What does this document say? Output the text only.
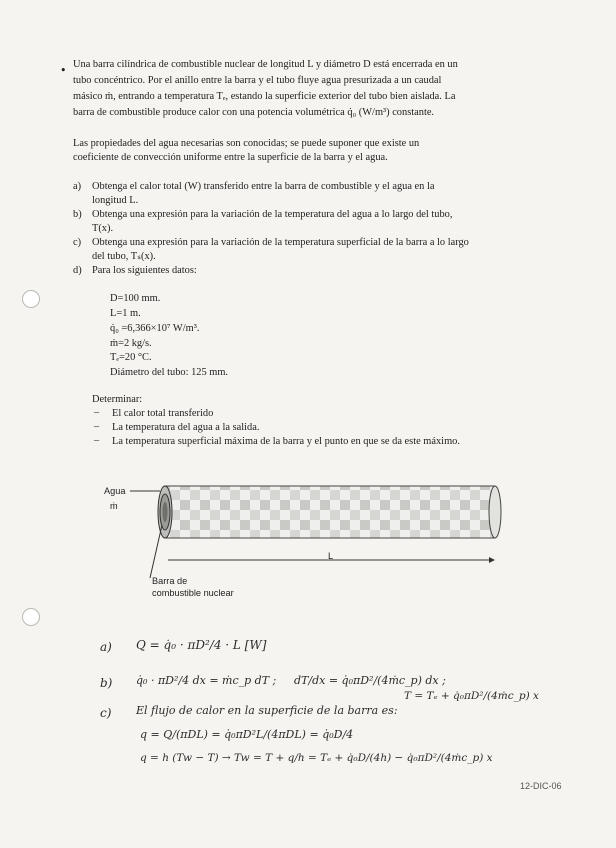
• Una barra cilíndrica de combustible nuclear de longitud L y diámetro D está encerrada en un
tubo concéntrico. Por el anillo entre la barra y el tubo fluye agua presurizada a un caudal
másico ṁ, entrando a temperatura Tₑ, estando la superficie exterior del tubo bien aislada. La
barra de combustible produce calor con una potencia volumétrica q̇₀ (W/m³) constante.
Las propiedades del agua necesarias son conocidas; se puede suponer que existe un
coeficiente de convección uniforme entre la superficie de la barra y el agua.
a) Obtenga el calor total (W) transferido entre la barra de combustible y el agua en la
longitud L.
b) Obtenga una expresión para la variación de la temperatura del agua a lo largo del tubo,
T(x).
c) Obtenga una expresión para la variación de la temperatura superficial de la barra a lo largo
del tubo, Tₛ(x).
d) Para los siguientes datos:
D=100 mm.
L=1 m.
q̇₀ =6,366×10⁷ W/m³.
ṁ=2 kg/s.
Tₑ=20 °C.
Diámetro del tubo: 125 mm.
Determinar:
– El calor total transferido
– La temperatura del agua a la salida.
– La temperatura superficial máxima de la barra y el punto en que se da este máximo.
Agua
ṁ
L
Barra de
combustible nuclear
a) Q = q̇₀ · πD²/4 · L [W]
b) q̇₀ · πD²/4 dx = ṁc_p dT ; dT/dx = q̇₀πD²/(4ṁc_p) dx ;
T = Tₑ + q̇₀πD²/(4ṁc_p) x
c) El flujo de calor en la superficie de la barra es:
q = Q/(πDL) = q̇₀πD²L/(4πDL) = q̇₀D/4
q = h (Tw − T) → Tw = T + q/h = Tₑ + q̇₀D/(4h) − q̇₀πD²/(4ṁc_p) x
12-DIC-06
